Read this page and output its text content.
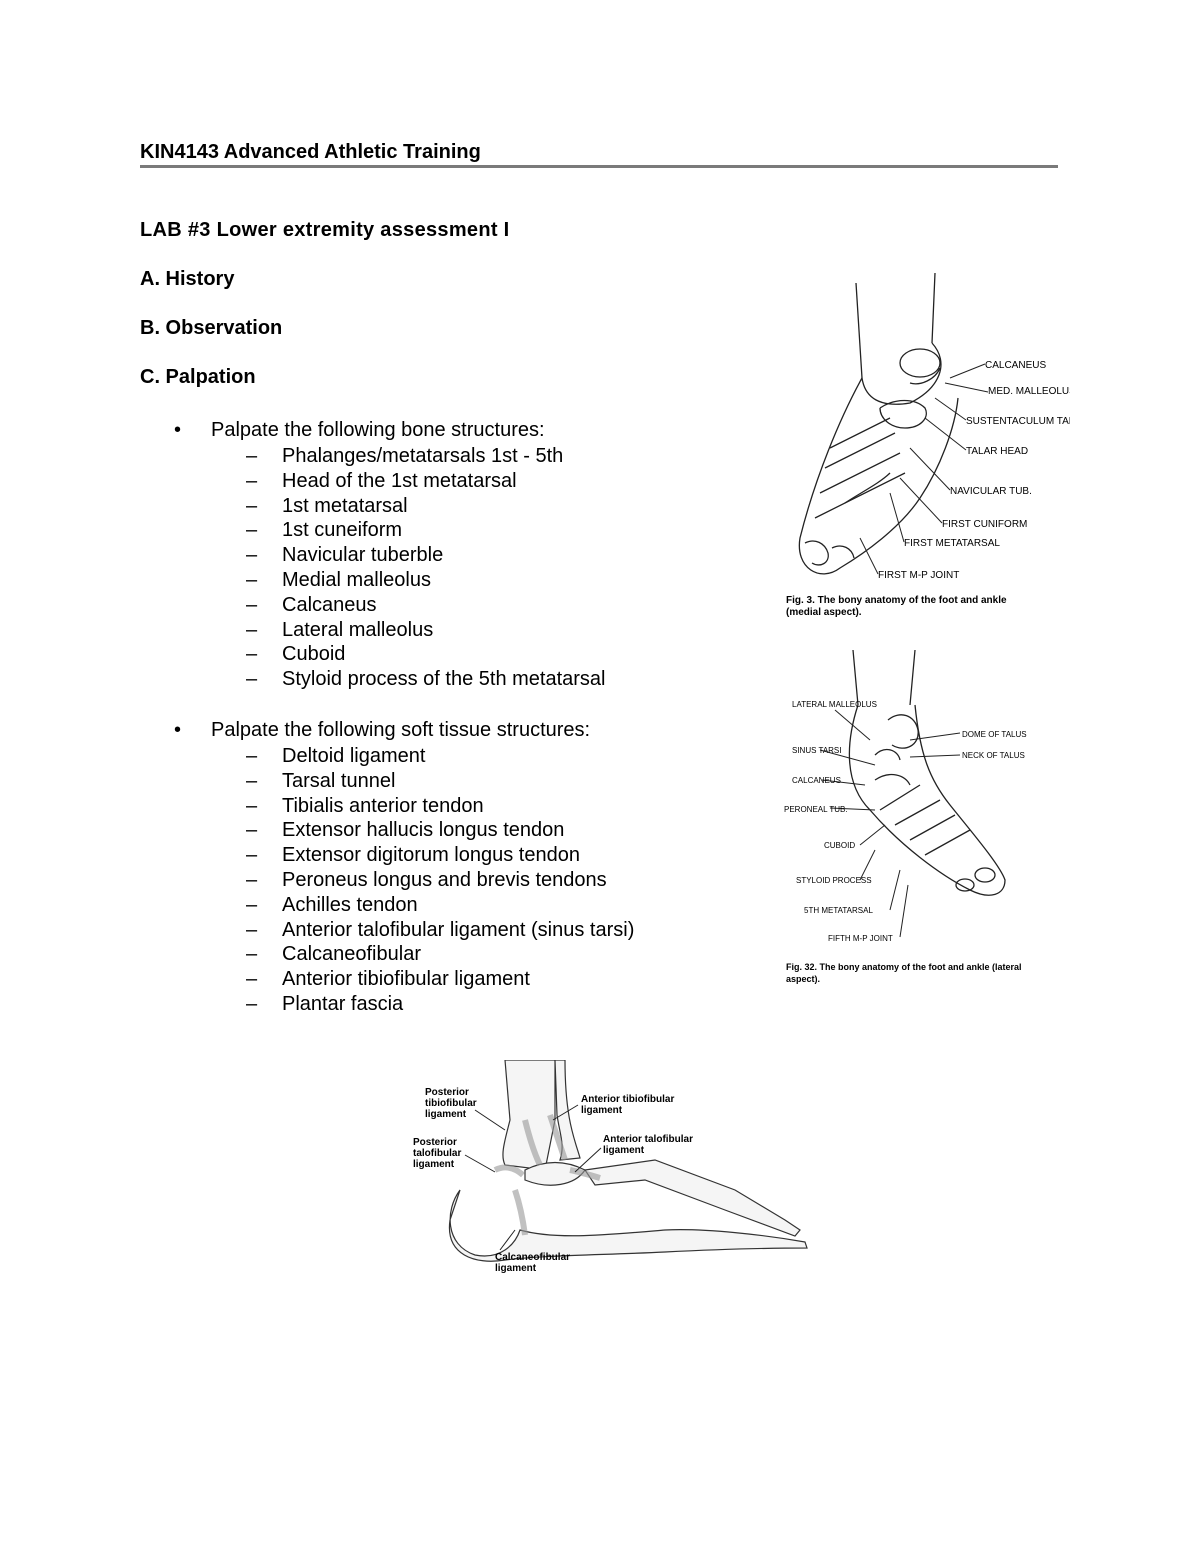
KIN4143 Advanced Athletic Training
LAB #3 Lower extremity assessment I
A. History
B. Observation
C. Palpation
• Palpate the following bone structures:
– Phalanges/metatarsals 1st - 5th
– Head of the 1st metatarsal
– 1st metatarsal
– 1st cuneiform
– Navicular tuberble
– Medial malleolus
– Calcaneus
– Lateral malleolus
– Cuboid
– Styloid process of the 5th metatarsal
• Palpate the following soft tissue structures:
– Deltoid ligament
– Tarsal tunnel
– Tibialis anterior tendon
– Extensor hallucis longus tendon
– Extensor digitorum longus tendon
– Peroneus longus and brevis tendons
– Achilles tendon
– Anterior talofibular ligament (sinus tarsi)
– Calcaneofibular
– Anterior tibiofibular ligament
– Plantar fascia
CALCANEUS
MED. MALLEOLUS
SUSTENTACULUM TALI
TALAR HEAD
NAVICULAR TUB.
FIRST CUNIFORM
FIRST METATARSAL
FIRST M-P JOINT
Fig. 3. The bony anatomy of the foot and ankle (medial aspect).
LATERAL MALLEOLUS
DOME OF TALUS
NECK OF TALUS
SINUS TARSI
CALCANEUS
PERONEAL TUB.
CUBOID
STYLOID PROCESS
5TH METATARSAL
FIFTH M-P JOINT
Fig. 32. The bony anatomy of the foot and ankle (lateral aspect).
Posterior tibiofibular ligament
Posterior talofibular ligament
Anterior tibiofibular ligament
Anterior talofibular ligament
Calcaneofibular ligament
